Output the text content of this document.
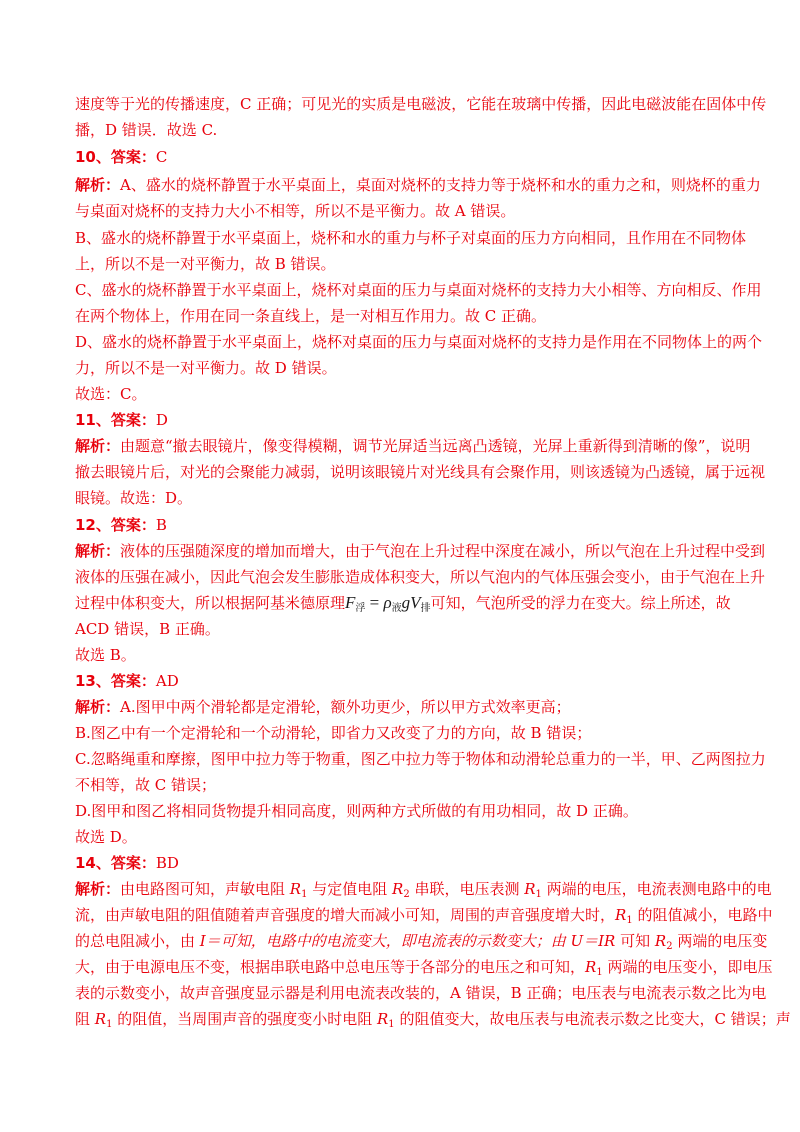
速度等于光的传播速度，C 正确；可见光的实质是电磁波，它能在玻璃中传播，因此电磁波能在固体中传
播，D 错误．故选 C.
10、答案：C
解析：A、盛水的烧杯静置于水平桌面上，桌面对烧杯的支持力等于烧杯和水的重力之和，则烧杯的重力
与桌面对烧杯的支持力大小不相等，所以不是平衡力。故 A 错误。
B、盛水的烧杯静置于水平桌面上，烧杯和水的重力与杯子对桌面的压力方向相同，且作用在不同物体
上，所以不是一对平衡力，故 B 错误。
C、盛水的烧杯静置于水平桌面上，烧杯对桌面的压力与桌面对烧杯的支持力大小相等、方向相反、作用
在两个物体上，作用在同一条直线上，是一对相互作用力。故 C 正确。
D、盛水的烧杯静置于水平桌面上，烧杯对桌面的压力与桌面对烧杯的支持力是作用在不同物体上的两个
力，所以不是一对平衡力。故 D 错误。
故选：C。
11、答案：D
解析：由题意“撤去眼镜片，像变得模糊，调节光屏适当远离凸透镜，光屏上重新得到清晰的像”，说明
撤去眼镜片后，对光的会聚能力减弱，说明该眼镜片对光线具有会聚作用，则该透镜为凸透镜，属于远视
眼镜。故选：D。
12、答案：B
解析：液体的压强随深度的增加而增大，由于气泡在上升过程中深度在减小，所以气泡在上升过程中受到
液体的压强在减小，因此气泡会发生膨胀造成体积变大，所以气泡内的气体压强会变小，由于气泡在上升
过程中体积变大，所以根据阿基米德原理$F_浮 = \rho_液gV_排$可知，气泡所受的浮力在变大。综上所述，故
ACD 错误，B 正确。
故选 B。
13、答案：AD
解析：A.图甲中两个滑轮都是定滑轮，额外功更少，所以甲方式效率更高；
B.图乙中有一个定滑轮和一个动滑轮，即省力又改变了力的方向，故 B 错误；
C.忽略绳重和摩擦，图甲中拉力等于物重，图乙中拉力等于物体和动滑轮总重力的一半，甲、乙两图拉力
不相等，故 C 错误；
D.图甲和图乙将相同货物提升相同高度，则两种方式所做的有用功相同，故 D 正确。
故选 D。
14、答案：BD
解析：由电路图可知，声敏电阻 $R_1$ 与定值电阻 $R_2$ 串联，电压表测 $R_1$ 两端的电压，电流表测电路中的电
流，由声敏电阻的阻值随着声音强度的增大而减小可知，周围的声音强度增大时，$R_1$ 的阻值减小，电路中
的总电阻减小，由 I＝可知，电路中的电流变大，即电流表的示数变大；由 U＝IR 可知 $R_2$ 两端的电压变
大，由于电源电压不变，根据串联电路中总电压等于各部分的电压之和可知，$R_1$ 两端的电压变小，即电压
表的示数变小，故声音强度显示器是利用电流表改装的，A 错误，B 正确；电压表与电流表示数之比为电
阻 $R_1$ 的阻值，当周围声音的强度变小时电阻 $R_1$ 的阻值变大，故电压表与电流表示数之比变大，C 错误；声
